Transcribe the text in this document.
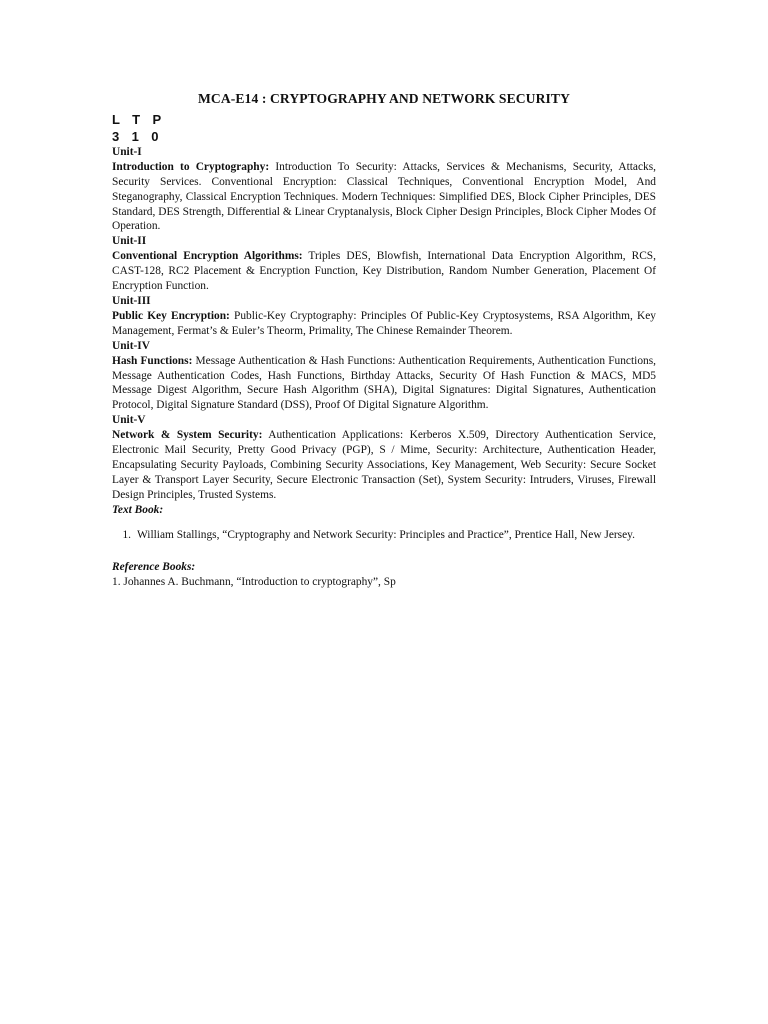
MCA-E14 : CRYPTOGRAPHY AND NETWORK SECURITY
L T P
3 1 0
Unit-I
Introduction to Cryptography: Introduction To Security: Attacks, Services & Mechanisms, Security, Attacks, Security Services. Conventional Encryption: Classical Techniques, Conventional Encryption Model, And Steganography, Classical Encryption Techniques. Modern Techniques: Simplified DES, Block Cipher Principles, DES Standard, DES Strength, Differential & Linear Cryptanalysis, Block Cipher Design Principles, Block Cipher Modes Of Operation.
Unit-II
Conventional Encryption Algorithms: Triples DES, Blowfish, International Data Encryption Algorithm, RCS, CAST-128, RC2 Placement & Encryption Function, Key Distribution, Random Number Generation, Placement Of Encryption Function.
Unit-III
Public Key Encryption: Public-Key Cryptography: Principles Of Public-Key Cryptosystems, RSA Algorithm, Key Management, Fermat’s & Euler’s Theorm, Primality, The Chinese Remainder Theorem.
Unit-IV
Hash Functions: Message Authentication & Hash Functions: Authentication Requirements, Authentication Functions, Message Authentication Codes, Hash Functions, Birthday Attacks, Security Of Hash Function & MACS, MD5 Message Digest Algorithm, Secure Hash Algorithm (SHA), Digital Signatures: Digital Signatures, Authentication Protocol, Digital Signature Standard (DSS), Proof Of Digital Signature Algorithm.
Unit-V
Network & System Security: Authentication Applications: Kerberos X.509, Directory Authentication Service, Electronic Mail Security, Pretty Good Privacy (PGP), S / Mime, Security: Architecture, Authentication Header, Encapsulating Security Payloads, Combining Security Associations, Key Management, Web Security: Secure Socket Layer & Transport Layer Security, Secure Electronic Transaction (Set), System Security: Intruders, Viruses, Firewall Design Principles, Trusted Systems.
Text Book:
1. William Stallings, “Cryptography and Network Security: Principles and Practice”, Prentice Hall, New Jersey.
Reference Books:
1. Johannes A. Buchmann, “Introduction to cryptography”, Sp
